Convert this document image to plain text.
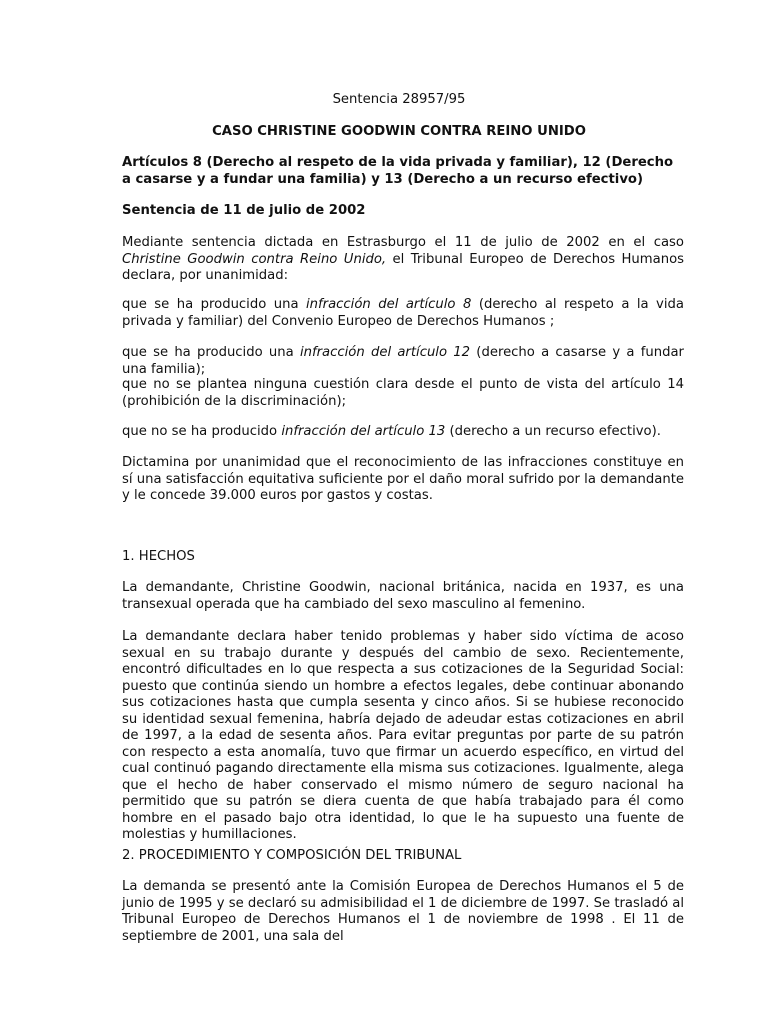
Sentencia 28957/95

CASO CHRISTINE GOODWIN CONTRA REINO UNIDO

Artículos 8 (Derecho al respeto de la vida privada y familiar), 12 (Derecho a casarse y a fundar una familia) y 13 (Derecho a un recurso efectivo)

Sentencia de 11 de julio de 2002

Mediante sentencia dictada en Estrasburgo el 11 de julio de 2002 en el caso Christine Goodwin contra Reino Unido, el Tribunal Europeo de Derechos Humanos declara, por unanimidad:

que se ha producido una infracción del artículo 8 (derecho al respeto a la vida privada y familiar) del Convenio Europeo de Derechos Humanos ;

que se ha producido una infracción del artículo 12 (derecho a casarse y a fundar una familia);

que no se plantea ninguna cuestión clara desde el punto de vista del artículo 14 (prohibición de la discriminación);

que no se ha producido infracción del artículo 13 (derecho a un recurso efectivo).

Dictamina por unanimidad que el reconocimiento de las infracciones constituye en sí una satisfacción equitativa suficiente por el daño moral sufrido por la demandante y le concede 39.000 euros por gastos y costas.

1. HECHOS

La demandante, Christine Goodwin, nacional británica, nacida en 1937, es una transexual operada que ha cambiado del sexo masculino al femenino.

La demandante declara haber tenido problemas y haber sido víctima de acoso sexual en su trabajo durante y después del cambio de sexo. Recientemente, encontró dificultades en lo que respecta a sus cotizaciones de la Seguridad Social: puesto que continúa siendo un hombre a efectos legales, debe continuar abonando sus cotizaciones hasta que cumpla sesenta y cinco años. Si se hubiese reconocido su identidad sexual femenina, habría dejado de adeudar estas cotizaciones en abril de 1997, a la edad de sesenta años. Para evitar preguntas por parte de su patrón con respecto a esta anomalía, tuvo que firmar un acuerdo específico, en virtud del cual continuó pagando directamente ella misma sus cotizaciones. Igualmente, alega que el hecho de haber conservado el mismo número de seguro nacional ha permitido que su patrón se diera cuenta de que había trabajado para él como hombre en el pasado bajo otra identidad, lo que le ha supuesto una fuente de molestias y humillaciones.

2. PROCEDIMIENTO Y COMPOSICIÓN DEL TRIBUNAL

La demanda se presentó ante la Comisión Europea de Derechos Humanos el 5 de junio de 1995 y se declaró su admisibilidad el 1 de diciembre de 1997. Se trasladó al Tribunal Europeo de Derechos Humanos el 1 de noviembre de 1998 . El 11 de septiembre de 2001, una sala del
